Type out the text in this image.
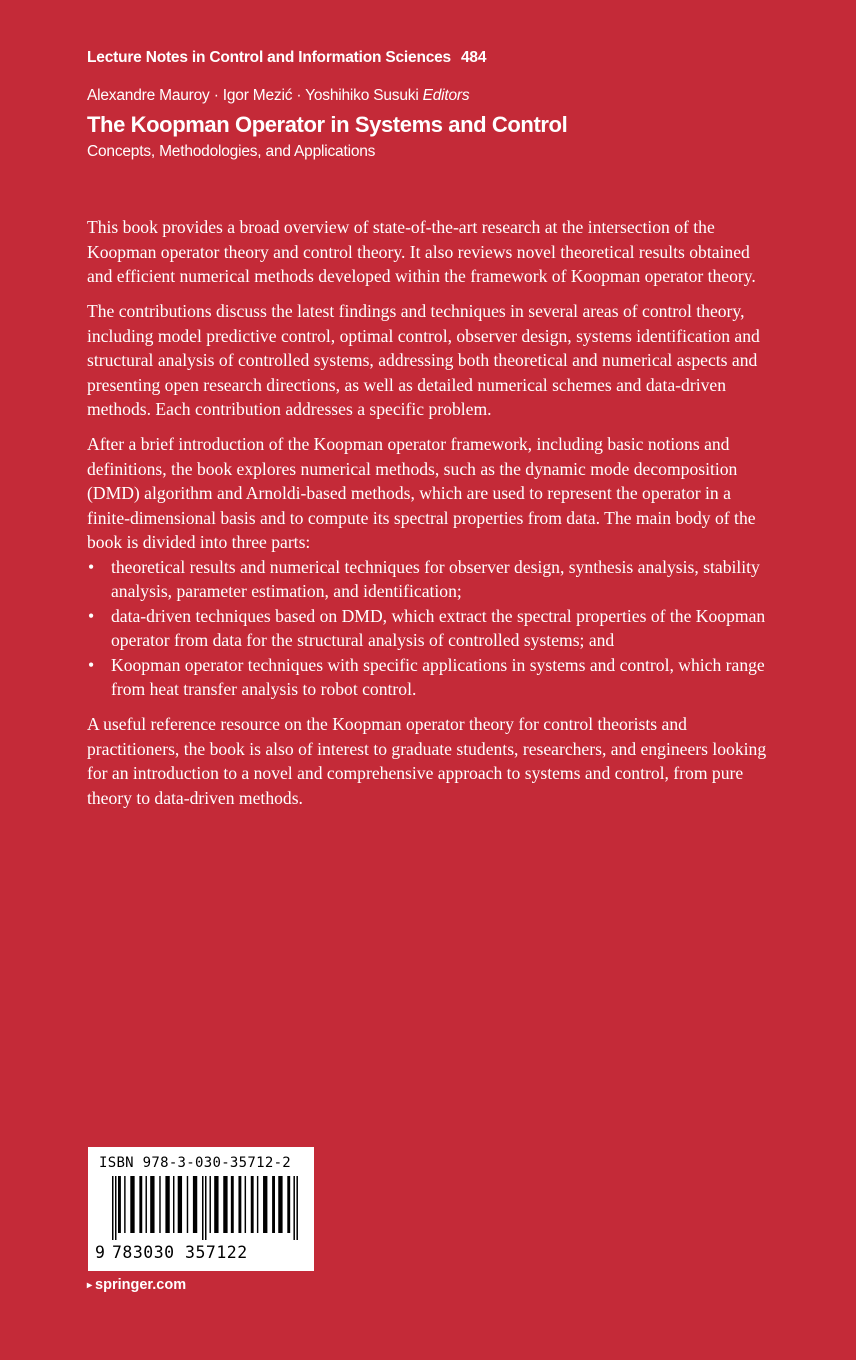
Lecture Notes in Control and Information Sciences 484
Alexandre Mauroy · Igor Mezić · Yoshihiko Susuki Editors
The Koopman Operator in Systems and Control
Concepts, Methodologies, and Applications

This book provides a broad overview of state-of-the-art research at the intersection of the Koopman operator theory and control theory. It also reviews novel theoretical results obtained and efficient numerical methods developed within the framework of Koopman operator theory.

The contributions discuss the latest findings and techniques in several areas of control theory, including model predictive control, optimal control, observer design, systems identification and structural analysis of controlled systems, addressing both theoretical and numerical aspects and presenting open research directions, as well as detailed numerical schemes and data-driven methods. Each contribution addresses a specific problem.

After a brief introduction of the Koopman operator framework, including basic notions and definitions, the book explores numerical methods, such as the dynamic mode decomposition (DMD) algorithm and Arnoldi-based methods, which are used to represent the operator in a finite-dimensional basis and to compute its spectral properties from data. The main body of the book is divided into three parts:

• theoretical results and numerical techniques for observer design, synthesis analysis, stability analysis, parameter estimation, and identification;
• data-driven techniques based on DMD, which extract the spectral properties of the Koopman operator from data for the structural analysis of controlled systems; and
• Koopman operator techniques with specific applications in systems and control, which range from heat transfer analysis to robot control.

A useful reference resource on the Koopman operator theory for control theorists and practitioners, the book is also of interest to graduate students, researchers, and engineers looking for an introduction to a novel and comprehensive approach to systems and control, from pure theory to data-driven methods.

ISBN 978-3-030-35712-2
9 783030 357122
▸ springer.com
